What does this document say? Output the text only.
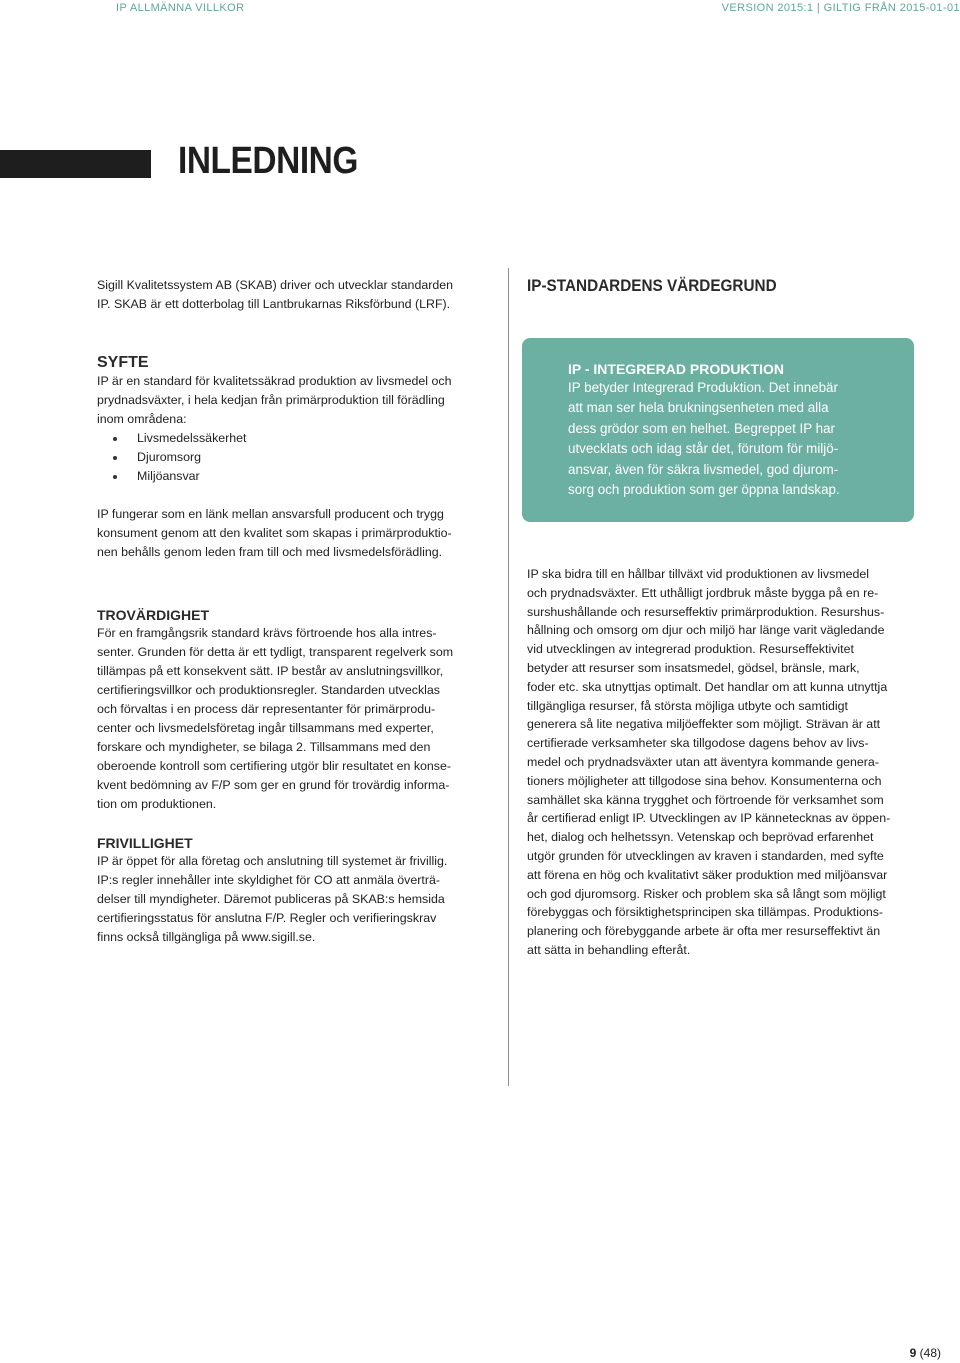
IP ALLMÄNNA VILLKOR	VERSION 2015:1 | GILTIG FRÅN 2015-01-01
INLEDNING

Sigill Kvalitetssystem AB (SKAB) driver och utvecklar standarden
IP. SKAB är ett dotterbolag till Lantbrukarnas Riksförbund (LRF).

IP-STANDARDENS VÄRDEGRUND
SYFTE

IP är en standard för kvalitetssäkrad produktion av livsmedel och
prydnadsväxter, i hela kedjan från primärproduktion till förädling
inom områdena:

Livsmedelssäkerhet
Djuromsorg
Miljöansvar

IP fungerar som en länk mellan ansvarsfull producent och trygg
konsument genom att den kvalitet som skapas i primärproduktio-
nen behålls genom leden fram till och med livsmedelsförädling.

TROVÄRDIGHET

För en framgångsrik standard krävs förtroende hos alla intres-
senter. Grunden för detta är ett tydligt, transparent regelverk som
tillämpas på ett konsekvent sätt. IP består av anslutningsvillkor,
certifieringsvillkor och produktionsregler. Standarden utvecklas
och förvaltas i en process där representanter för primärprodu-
center och livsmedelsföretag ingår tillsammans med experter,
forskare och myndigheter, se bilaga 2. Tillsammans med den
oberoende kontroll som certifiering utgör blir resultatet en konse-
kvent bedömning av F/P som ger en grund för trovärdig informa-
tion om produktionen.

FRIVILLIGHET

IP är öppet för alla företag och anslutning till systemet är frivillig.
IP:s regler innehåller inte skyldighet för CO att anmäla överträ-
delser till myndigheter. Däremot publiceras på SKAB:s hemsida
certifieringsstatus för anslutna F/P. Regler och verifieringskrav
finns också tillgängliga på www.sigill.se.

IP - INTEGRERAD PRODUKTION

IP betyder Integrerad Produktion. Det innebär
att man ser hela brukningsenheten med alla
dess grödor som en helhet. Begreppet IP har
utvecklats och idag står det, förutom för miljö-
ansvar, även för säkra livsmedel, god djurom-
sorg och produktion som ger öppna landskap.

IP ska bidra till en hållbar tillväxt vid produktionen av livsmedel
och prydnadsväxter. Ett uthålligt jordbruk måste bygga på en re-
surshushållande och resurseffektiv primärproduktion. Resurshus-
hållning och omsorg om djur och miljö har länge varit vägledande
vid utvecklingen av integrerad produktion. Resurseffektivitet
betyder att resurser som insatsmedel, gödsel, bränsle, mark,
foder etc. ska utnyttjas optimalt. Det handlar om att kunna utnyttja
tillgängliga resurser, få största möjliga utbyte och samtidigt
generera så lite negativa miljöeffekter som möjligt. Strävan är att
certifierade verksamheter ska tillgodose dagens behov av livs-
medel och prydnadsväxter utan att äventyra kommande genera-
tioners möjligheter att tillgodose sina behov. Konsumenterna och
samhället ska känna trygghet och förtroende för verksamhet som
år certifierad enligt IP. Utvecklingen av IP kännetecknas av öppen-
het, dialog och helhetssyn. Vetenskap och beprövad erfarenhet
utgör grunden för utvecklingen av kraven i standarden, med syfte
att förena en hög och kvalitativt säker produktion med miljöansvar
och god djuromsorg. Risker och problem ska så långt som möjligt
förebyggas och försiktighetsprincipen ska tillämpas. Produktions-
planering och förebyggande arbete är ofta mer resurseffektivt än
att sätta in behandling efteråt.

9 (48)
